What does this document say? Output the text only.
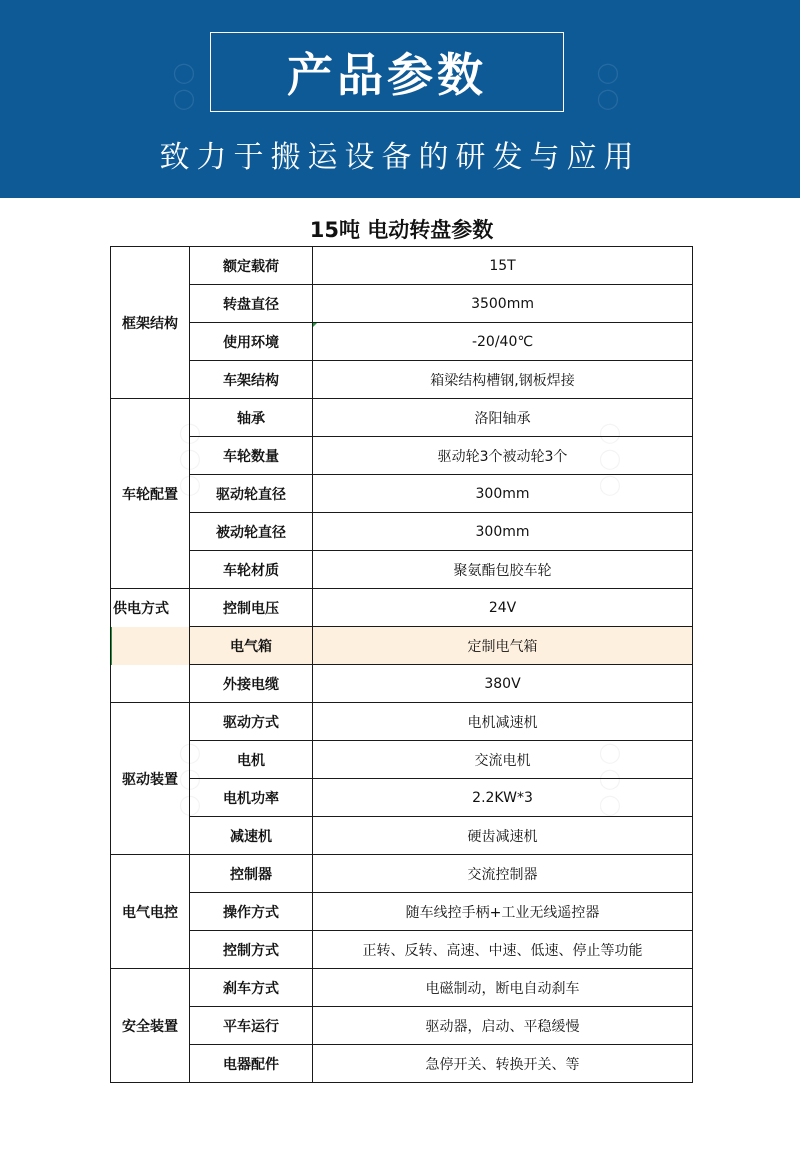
◯◯	◯◯
产品参数
致力于搬运设备的研发与应用
15吨 电动转盘参数		
框架结构	额定载荷	15T
	转盘直径	3500mm
	使用环境	-20/40℃
	车架结构	箱梁结构槽钢,钢板焊接
车轮配置	轴承	洛阳轴承
	车轮数量	驱动轮3个被动轮3个
	驱动轮直径	300mm
	被动轮直径	300mm
	车轮材质	聚氨酯包胶车轮
供电方式	控制电压	24V
	电气箱	定制电气箱
	外接电缆	380V
驱动装置	驱动方式	电机减速机
	电机	交流电机
	电机功率	2.2KW*3
	减速机	硬齿减速机
电气电控	控制器	交流控制器
	操作方式	随车线控手柄+工业无线遥控器
	控制方式	正转、反转、高速、中速、低速、停止等功能
安全装置	刹车方式	电磁制动，断电自动刹车
	平车运行	驱动器，启动、平稳缓慢
	电器配件	急停开关、转换开关、等
